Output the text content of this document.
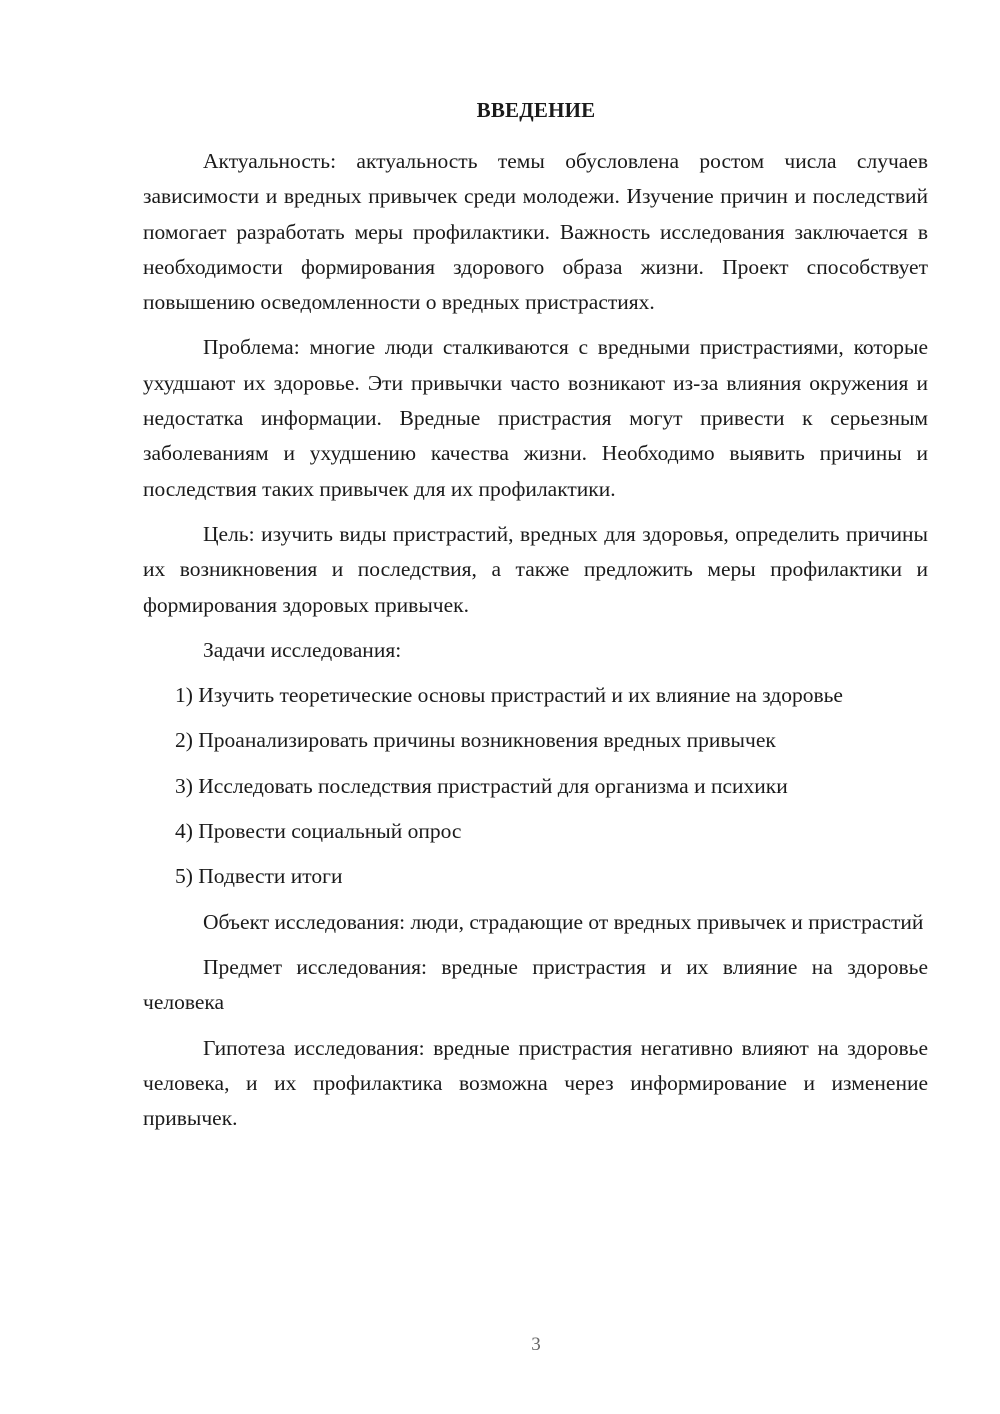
ВВЕДЕНИЕ

Актуальность: актуальность темы обусловлена ростом числа случаев зависимости и вредных привычек среди молодежи. Изучение причин и последствий помогает разработать меры профилактики. Важность исследования заключается в необходимости формирования здорового образа жизни. Проект способствует повышению осведомленности о вредных пристрастиях.

Проблема: многие люди сталкиваются с вредными пристрастиями, которые ухудшают их здоровье. Эти привычки часто возникают из-за влияния окружения и недостатка информации. Вредные пристрастия могут привести к серьезным заболеваниям и ухудшению качества жизни. Необходимо выявить причины и последствия таких привычек для их профилактики.

Цель: изучить виды пристрастий, вредных для здоровья, определить причины их возникновения и последствия, а также предложить меры профилактики и формирования здоровых привычек.

Задачи исследования:

1) Изучить теоретические основы пристрастий и их влияние на здоровье

2) Проанализировать причины возникновения вредных привычек

3) Исследовать последствия пристрастий для организма и психики

4) Провести социальный опрос

5) Подвести итоги

Объект исследования: люди, страдающие от вредных привычек и пристрастий

Предмет исследования: вредные пристрастия и их влияние на здоровье человека

Гипотеза исследования: вредные пристрастия негативно влияют на здоровье человека, и их профилактика возможна через информирование и изменение привычек.

3
